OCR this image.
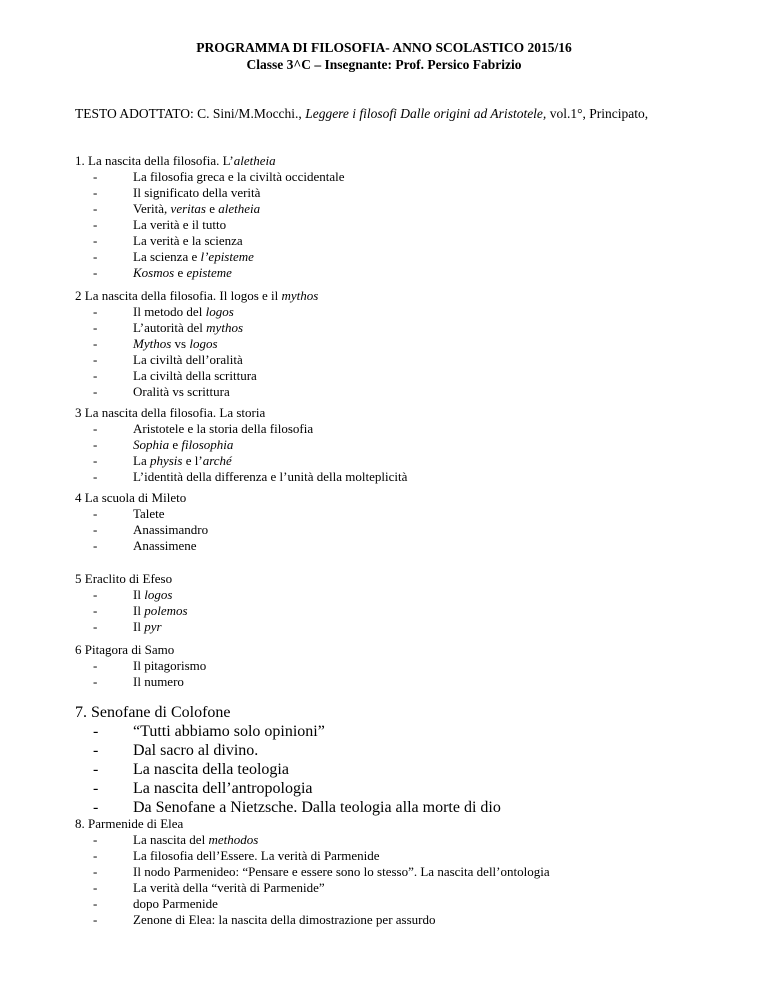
PROGRAMMA DI FILOSOFIA- ANNO SCOLASTICO 2015/16
Classe 3^C – Insegnante: Prof. Persico Fabrizio
TESTO ADOTTATO: C. Sini/M.Mocchi., Leggere i filosofi Dalle origini ad Aristotele, vol.1°, Principato,
1. La nascita della filosofia. L’aletheia
-	La filosofia greca e la civiltà occidentale
-	Il significato della verità
-	Verità, veritas e aletheia
-	La verità e il tutto
-	La verità e la scienza
-	La scienza e l’episteme
-	Kosmos e episteme
2 La nascita della filosofia. Il logos e il mythos
-	Il metodo del logos
-	L’autorità del mythos
-	Mythos vs logos
-	La civiltà dell’oralità
-	La civiltà della scrittura
-	Oralità vs scrittura
3 La nascita della filosofia. La storia
-	Aristotele e la storia della filosofia
-	Sophia e filosophia
-	La physis e l’arché
-	L’identità della differenza e l’unità della molteplicità
4 La scuola di Mileto
-	Talete
-	Anassimandro
-	Anassimene
5 Eraclito di Efeso
-	Il logos
-	Il polemos
-	Il pyr
6 Pitagora di Samo
-	Il pitagorismo
-	Il numero
7. Senofane di Colofone
- “Tutti abbiamo solo opinioni”
- Dal sacro al divino.
- La nascita della teologia
- La nascita dell’antropologia
- Da Senofane a Nietzsche. Dalla teologia alla morte di dio
8. Parmenide di Elea
-	La nascita del methodos
-	La filosofia dell’Essere. La verità di Parmenide
-	Il nodo Parmenideo: “Pensare e essere sono lo stesso”. La nascita dell’ontologia
-	La verità della “verità di Parmenide”
-	dopo Parmenide
-	Zenone di Elea: la nascita della dimostrazione per assurdo
